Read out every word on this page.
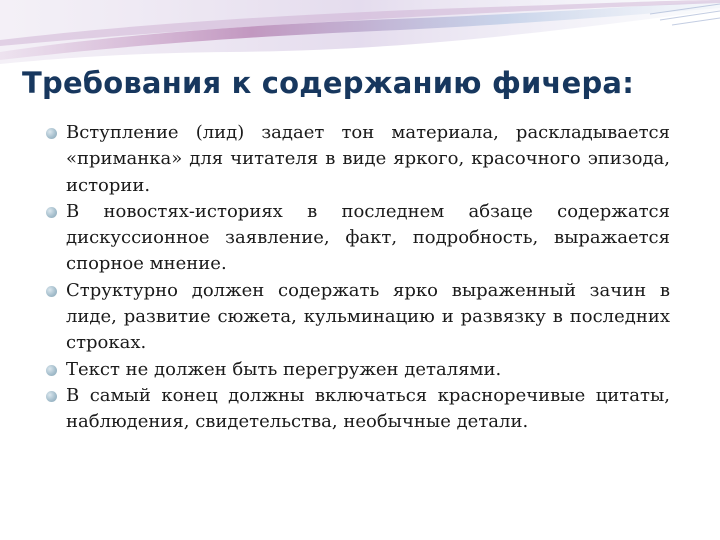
Требования к содержанию фичера:
Вступление (лид) задает тон материала, раскладывается «приманка» для читателя в виде яркого, красочного эпизода, истории.
В новостях-историях в последнем абзаце содержатся дискуссионное заявление, факт, подробность, выражается спорное мнение.
Структурно должен содержать ярко выраженный зачин в лиде, развитие сюжета, кульминацию и развязку в последних строках.
Текст не должен быть перегружен деталями.
В самый конец должны включаться красноречивые цитаты, наблюдения, свидетельства, необычные детали.
